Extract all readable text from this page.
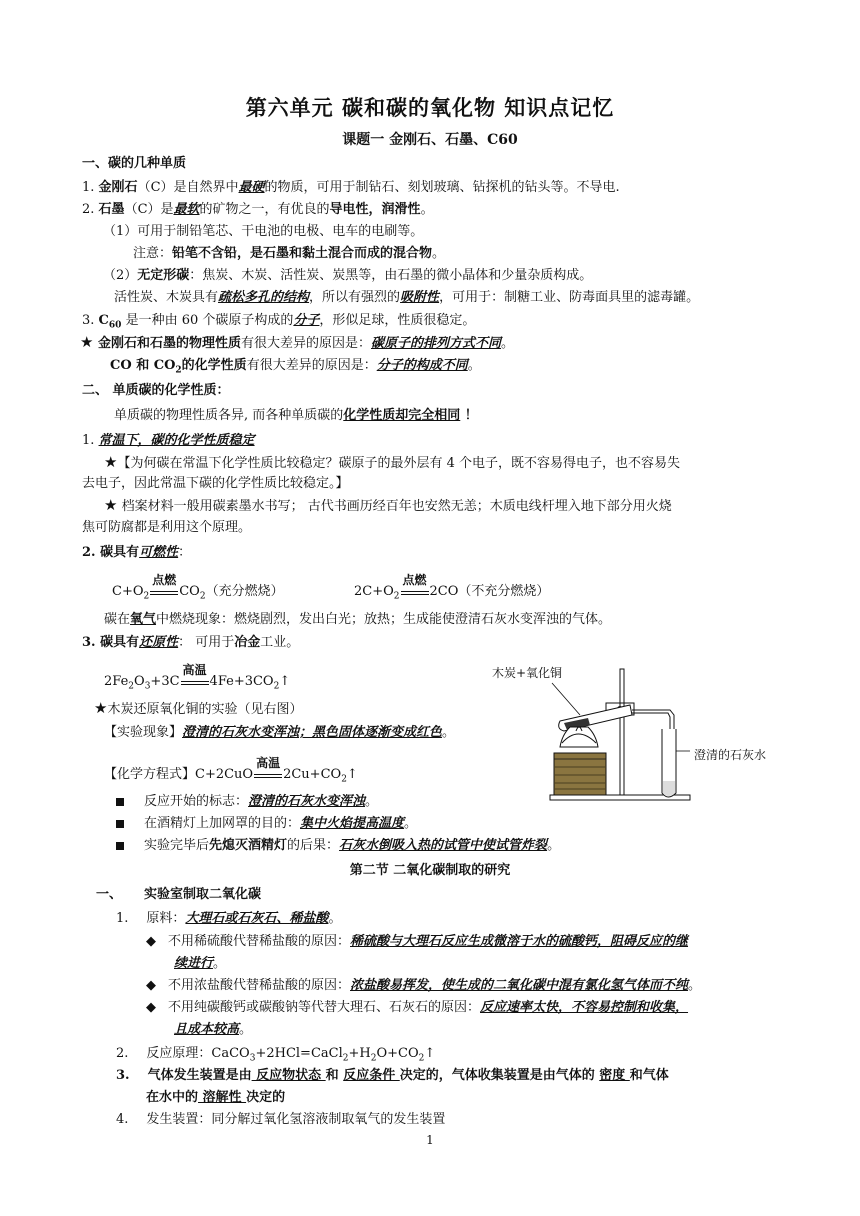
第六单元 碳和碳的氧化物 知识点记忆
课题一 金刚石、石墨、C60
一、碳的几种单质
1. 金刚石（C）是自然界中最硬的物质，可用于制钻石、刻划玻璃、钻探机的钻头等。不导电.
2. 石墨（C）是最软的矿物之一，有优良的导电性，润滑性。
（1）可用于制铅笔芯、干电池的电极、电车的电刷等。
注意：铅笔不含铅，是石墨和黏土混合而成的混合物。
（2）无定形碳：焦炭、木炭、活性炭、炭黑等，由石墨的微小晶体和少量杂质构成。
活性炭、木炭具有疏松多孔的结构，所以有强烈的吸附性，可用于：制糖工业、防毒面具里的滤毒罐。
3. $C_{60}$ 是一种由 60 个碳原子构成的分子，形似足球，性质很稳定。
★ 金刚石和石墨的物理性质有很大差异的原因是：碳原子的排列方式不同。
CO 和 $CO_2$的化学性质有很大差异的原因是：分子的构成不同。
二、 单质碳的化学性质：
单质碳的物理性质各异, 而各种单质碳的化学性质却完全相同 ！
1. 常温下，碳的化学性质稳定
★【为何碳在常温下化学性质比较稳定？碳原子的最外层有 4 个电子，既不容易得电子，也不容易失
去电子，因此常温下碳的化学性质比较稳定。】
★ 档案材料一般用碳素墨水书写； 古代书画历经百年也安然无恙；木质电线杆埋入地下部分用火烧
焦可防腐都是利用这个原理。
2. 碳具有可燃性：
$C+O_2$
点燃
$CO_2$（充分燃烧）	$2C+O_2$
点燃
2CO（不充分燃烧）
碳在氧气中燃烧现象：燃烧剧烈，发出白光；放热；生成能使澄清石灰水变浑浊的气体。
3. 碳具有还原性： 可用于冶金工业。
$2Fe_2O_3+3C$
高温
$4Fe+3CO_2↑$
★木炭还原氧化铜的实验（见右图）
【实验现象】澄清的石灰水变浑浊；黑色固体逐渐变成红色。
【化学方程式】C+2CuO
高温
$2Cu+CO_2↑$
反应开始的标志：澄清的石灰水变浑浊。
在酒精灯上加网罩的目的：集中火焰提高温度。
实验完毕后先熄灭酒精灯的后果：石灰水倒吸入热的试管中使试管炸裂。
木炭+氧化铜
澄清的石灰水
第二节 二氧化碳制取的研究
一、 实验室制取二氧化碳
1. 原料：大理石或石灰石、稀盐酸。
◆ 不用稀硫酸代替稀盐酸的原因：稀硫酸与大理石反应生成微溶于水的硫酸钙，阻碍反应的继
续进行。
◆ 不用浓盐酸代替稀盐酸的原因：浓盐酸易挥发，使生成的二氧化碳中混有氯化氢气体而不纯。
◆ 不用纯碳酸钙或碳酸钠等代替大理石、石灰石的原因：反应速率太快，不容易控制和收集，
且成本较高。
2. 反应原理：$CaCO_3+2HCl=CaCl_2+H_2O+CO_2↑$
3. 气体发生装置是由 反应物状态 和 反应条件 决定的，气体收集装置是由气体的 密度 和气体
在水中的 溶解性 决定的
4. 发生装置：同分解过氧化氢溶液制取氧气的发生装置
1
